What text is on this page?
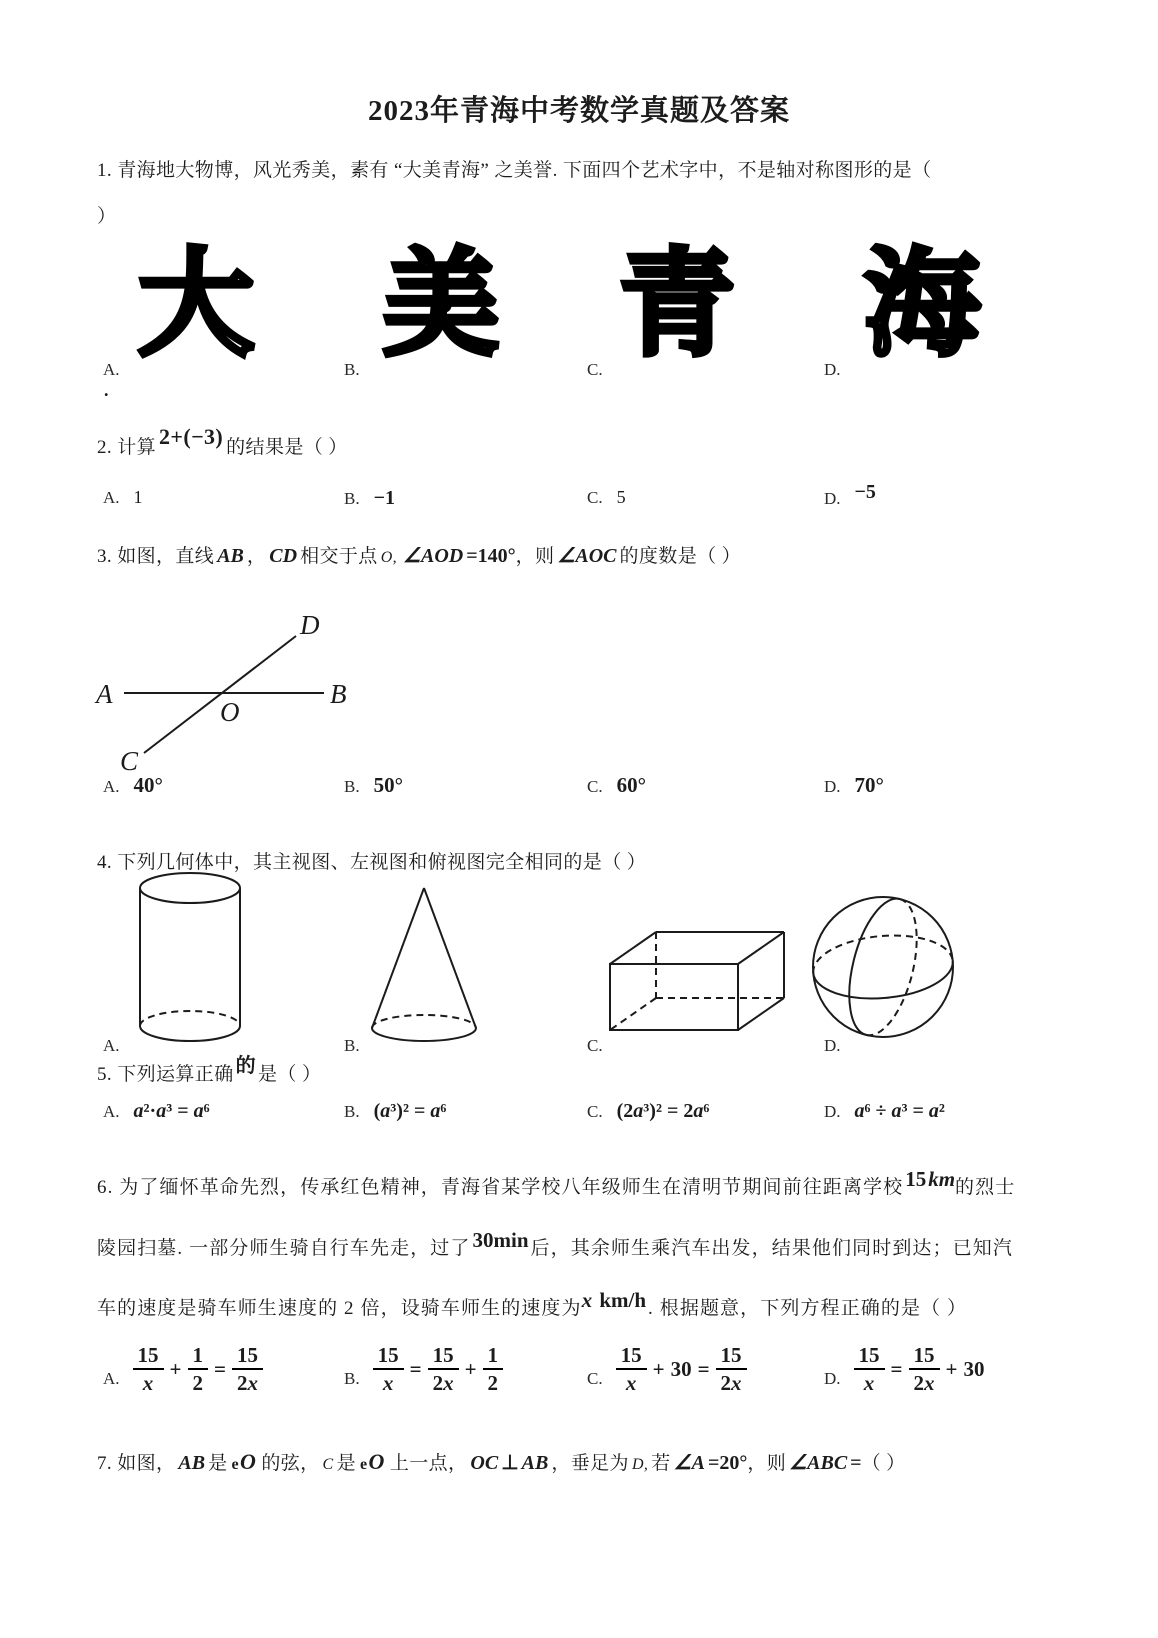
2023年青海中考数学真题及答案
1. 青海地大物博，风光秀美，素有 “大美青海” 之美誉. 下面四个艺术字中，不是轴对称图形的是（
）
大 美 青 海
A.	B.	C.	D.
.
2. 计算 2+(−3) 的结果是（ ）
A. 1	B. −1	C. 5	D. −5
3. 如图，直线 AB ， CD 相交于点 O, ∠AOD =140°，则 ∠AOC 的度数是（ ）
A	B
D
C
O
A. 40°	B. 50°	C. 60°	D. 70°
4. 下列几何体中，其主视图、左视图和俯视图完全相同的是（ ）
A.	B.	C.	D.
5. 下列运算正确 的 是（ ）
A. a²·a³ = a⁶	B. (a³)² = a⁶	C. (2a³)² = 2a⁶	D. a⁶ ÷ a³ = a²
6. 为了缅怀革命先烈，传承红色精神，青海省某学校八年级师生在清明节期间前往距离学校15km的烈士
陵园扫墓. 一部分师生骑自行车先走，过了30min 后，其余师生乘汽车出发，结果他们同时到达；已知汽
车的速度是骑车师生速度的 2 倍，设骑车师生的速度为x km/h . 根据题意，下列方程正确的是（ ）
A. $\frac{15}{x} + \frac{1}{2} = \frac{15}{2x}$	B. $\frac{15}{x} = \frac{15}{2x} + \frac{1}{2}$	C. $\frac{15}{x} + 30 = \frac{15}{2x}$	D. $\frac{15}{x} = \frac{15}{2x} + 30$
7. 如图， AB 是 eO 的弦， C 是 eO 上一点， OC ⊥ AB ，垂足为 D, 若 ∠A =20°，则 ∠ABC =（ ）
